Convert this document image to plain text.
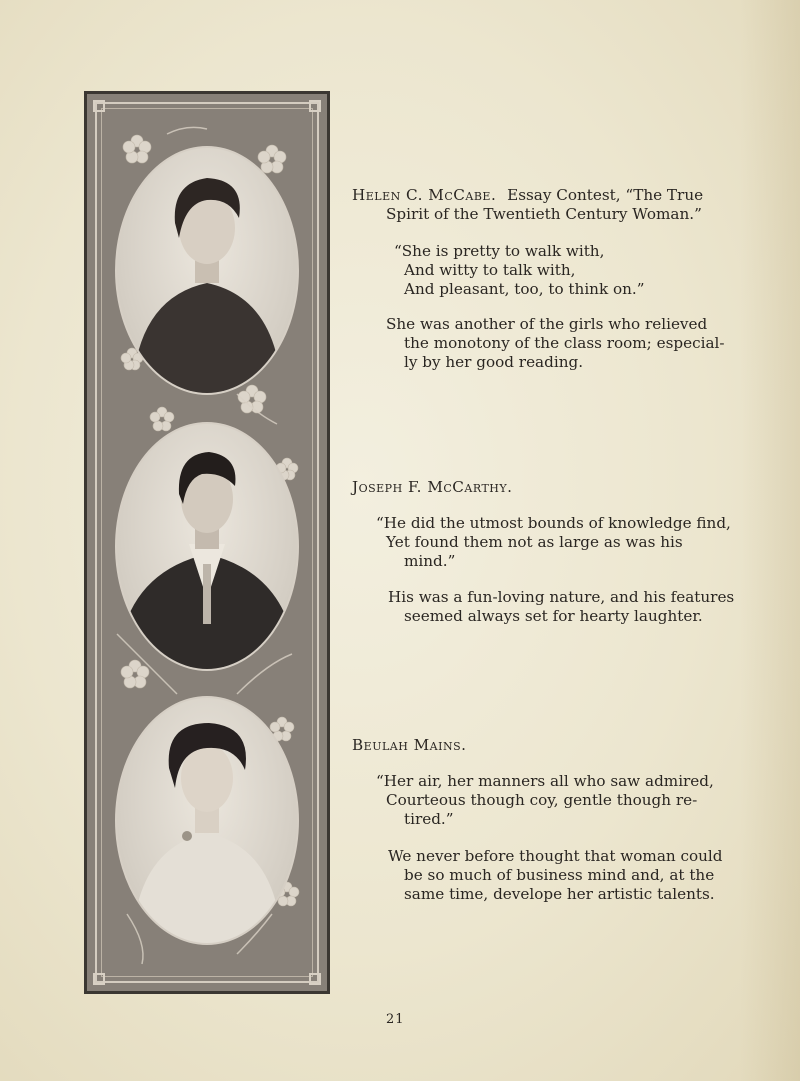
Helen C. McCabe. Essay Contest, “The True
Spirit of the Twentieth Century Woman.”
“She is pretty to walk with,
And witty to talk with,
And pleasant, too, to think on.”
She was another of the girls who relieved
the monotony of the class room; especial-
ly by her good reading.
Joseph F. McCarthy.
“He did the utmost bounds of knowledge find,
Yet found them not as large as was his
mind.”
His was a fun-loving nature, and his features
seemed always set for hearty laughter.
Beulah Mains.
“Her air, her manners all who saw admired,
Courteous though coy, gentle though re-
tired.”
We never before thought that woman could
be so much of business mind and, at the
same time, develope her artistic talents.
21
